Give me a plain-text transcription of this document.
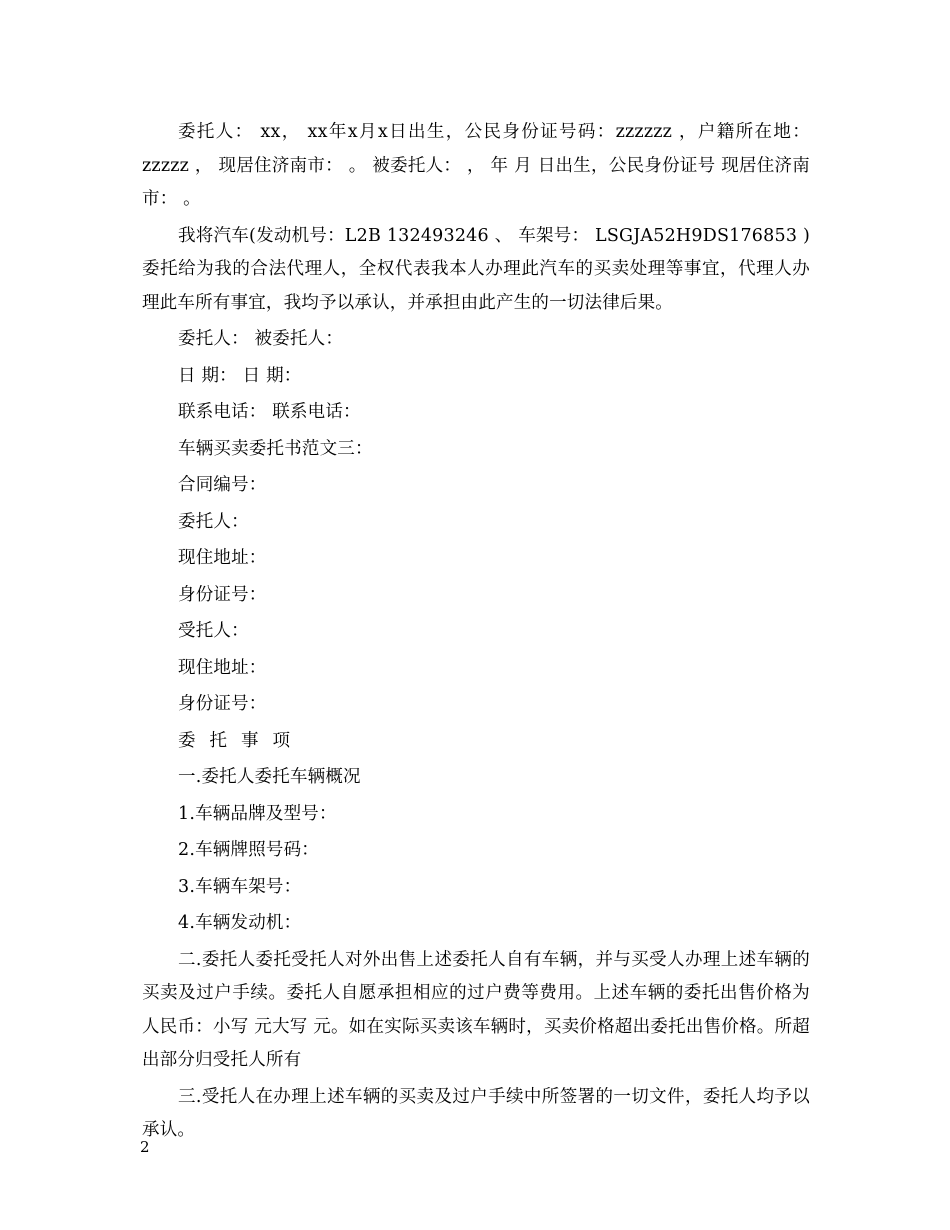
委托人： xx， xx年x月x日出生，公民身份证号码：zzzzzz ，户籍所在地：zzzzz ， 现居住济南市： 。 被委托人： ， 年 月 日出生，公民身份证号 现居住济南市： 。

我将汽车(发动机号：L2B 132493246 、 车架号： LSGJA52H9DS176853 )委托给为我的合法代理人，全权代表我本人办理此汽车的买卖处理等事宜，代理人办理此车所有事宜，我均予以承认，并承担由此产生的一切法律后果。

委托人： 被委托人：

日 期： 日 期：

联系电话： 联系电话：

车辆买卖委托书范文三：

合同编号：

委托人：

现住地址：

身份证号：

受托人：

现住地址：

身份证号：

委托事项

一.委托人委托车辆概况

1.车辆品牌及型号：

2.车辆牌照号码：

3.车辆车架号：

4.车辆发动机：

二.委托人委托受托人对外出售上述委托人自有车辆，并与买受人办理上述车辆的买卖及过户手续。委托人自愿承担相应的过户费等费用。上述车辆的委托出售价格为人民币：小写 元大写 元。如在实际买卖该车辆时，买卖价格超出委托出售价格。所超出部分归受托人所有

三.受托人在办理上述车辆的买卖及过户手续中所签署的一切文件，委托人均予以承认。

2
